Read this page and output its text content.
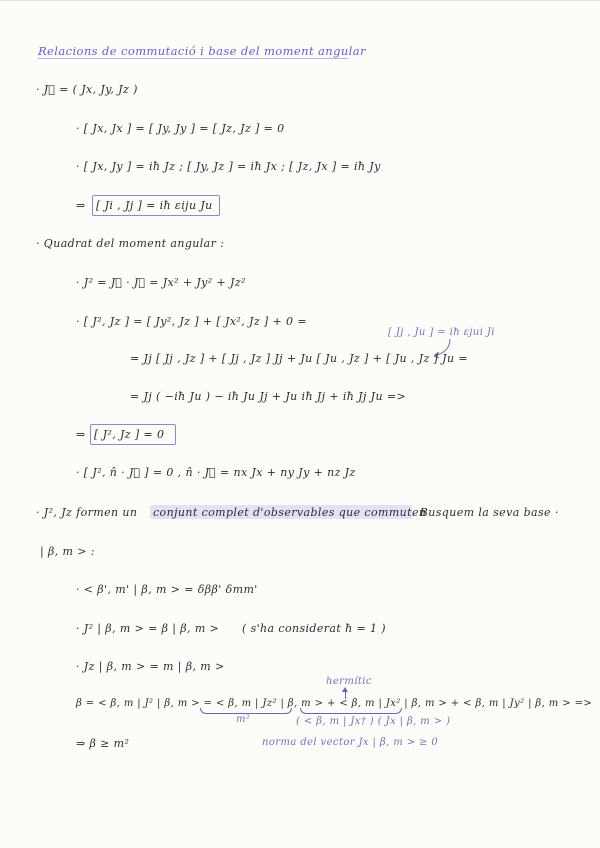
Relacions de commutació i base del moment angular
· J⃗ = ( Jx, Jy, Jz )
· [ Jx, Jx ] = [ Jy, Jy ] = [ Jz, Jz ] = 0
· [ Jx, Jy ] = iħ Jz ; [ Jy, Jz ] = iħ Jx ; [ Jz, Jx ] = iħ Jy
⇒ [ Ji , Jj ] = iħ εiju Ju
· Quadrat del moment angular :
· J² = J⃗ · J⃗ = Jx² + Jy² + Jz²
· [ J², Jz ] = [ Jy², Jz ] + [ Jx², Jz ] + 0 =
[ Jj , Ju ] = iħ εjui Ji
= Jj [ Jj , Jz ] + [ Jj , Jz ] Jj + Ju [ Ju , Jz ] + [ Ju , Jz ] Ju =
= Jj ( −iħ Ju ) − iħ Ju Jj + Ju iħ Jj + iħ Jj Ju =>
⇒ [ J², Jz ] = 0
· [ J², n̂ · J⃗ ] = 0 , n̂ · J⃗ = nx Jx + ny Jy + nz Jz
· J², Jz formen un conjunt complet d'observables que commuten
. Busquem la seva base ·
| β, m > :
· < β', m' | β, m > = δββ' δmm'
· J² | β, m > = β | β, m > ( s'ha considerat ħ = 1 )
· Jz | β, m > = m | β, m >
hermític
β = < β, m | J² | β, m > = < β, m | Jz² | β, m > + < β, m | Jx² | β, m > + < β, m | Jy² | β, m > =>
m²	( < β, m | Jx† ) ( Jx | β, m > )
⇒ β ≥ m²	norma del vector Jx | β, m > ≥ 0
